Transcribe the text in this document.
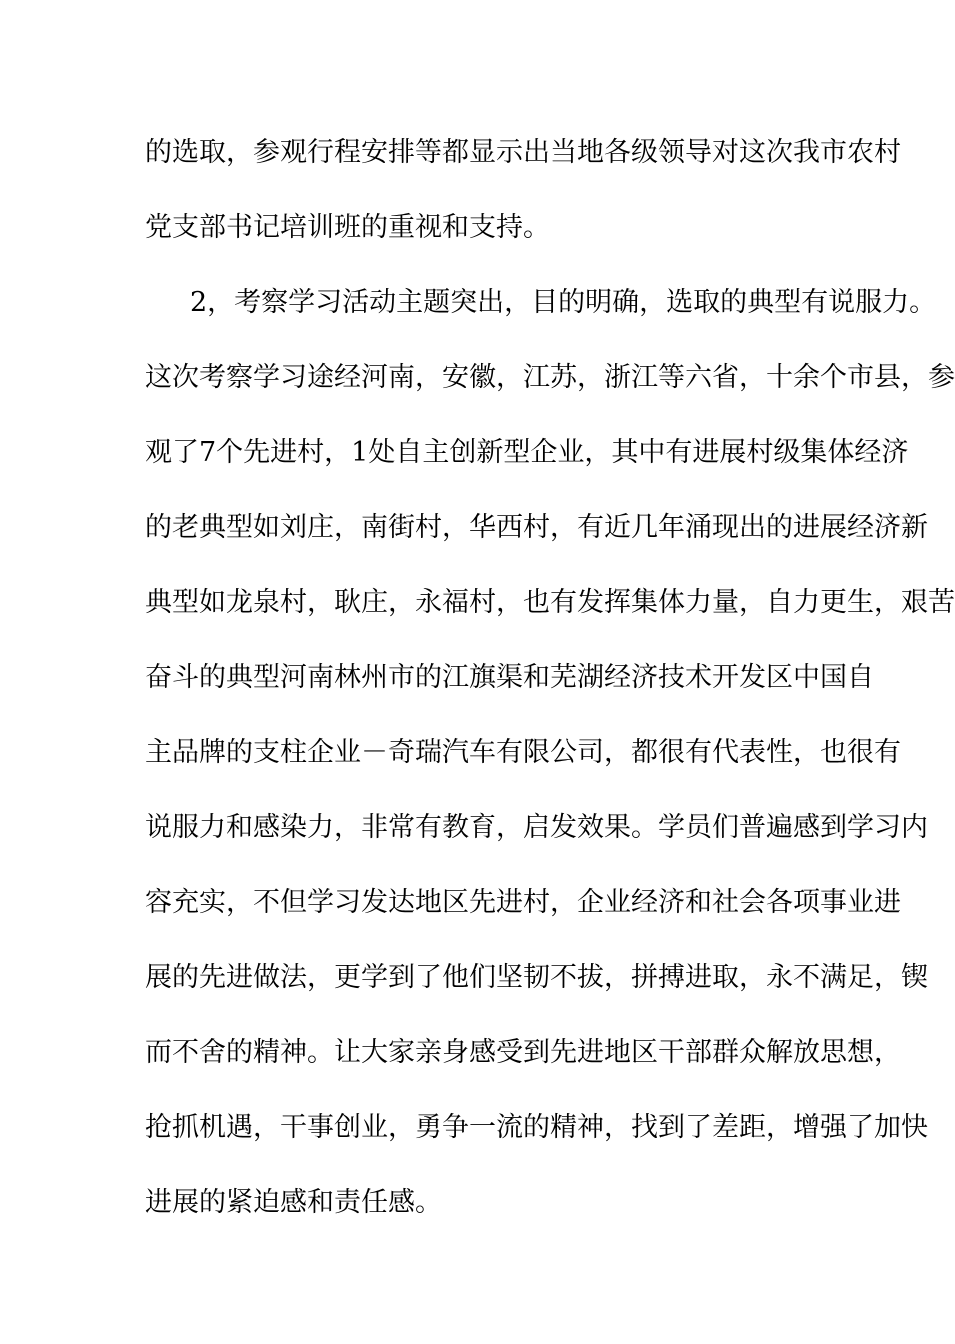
的选取，参观行程安排等都显示出当地各级领导对这次我市农村
党支部书记培训班的重视和支持。
2，考察学习活动主题突出，目的明确，选取的典型有说服力。
这次考察学习途经河南，安徽，江苏，浙江等六省，十余个市县，参
观了7个先进村，1处自主创新型企业，其中有进展村级集体经济
的老典型如刘庄，南街村，华西村，有近几年涌现出的进展经济新
典型如龙泉村，耿庄，永福村，也有发挥集体力量，自力更生，艰苦
奋斗的典型河南林州市的江旗渠和芜湖经济技术开发区中国自
主品牌的支柱企业－奇瑞汽车有限公司，都很有代表性，也很有
说服力和感染力，非常有教育，启发效果。学员们普遍感到学习内
容充实，不但学习发达地区先进村，企业经济和社会各项事业进
展的先进做法，更学到了他们坚韧不拔，拼搏进取，永不满足，锲
而不舍的精神。让大家亲身感受到先进地区干部群众解放思想，
抢抓机遇，干事创业，勇争一流的精神，找到了差距，增强了加快
进展的紧迫感和责任感。
